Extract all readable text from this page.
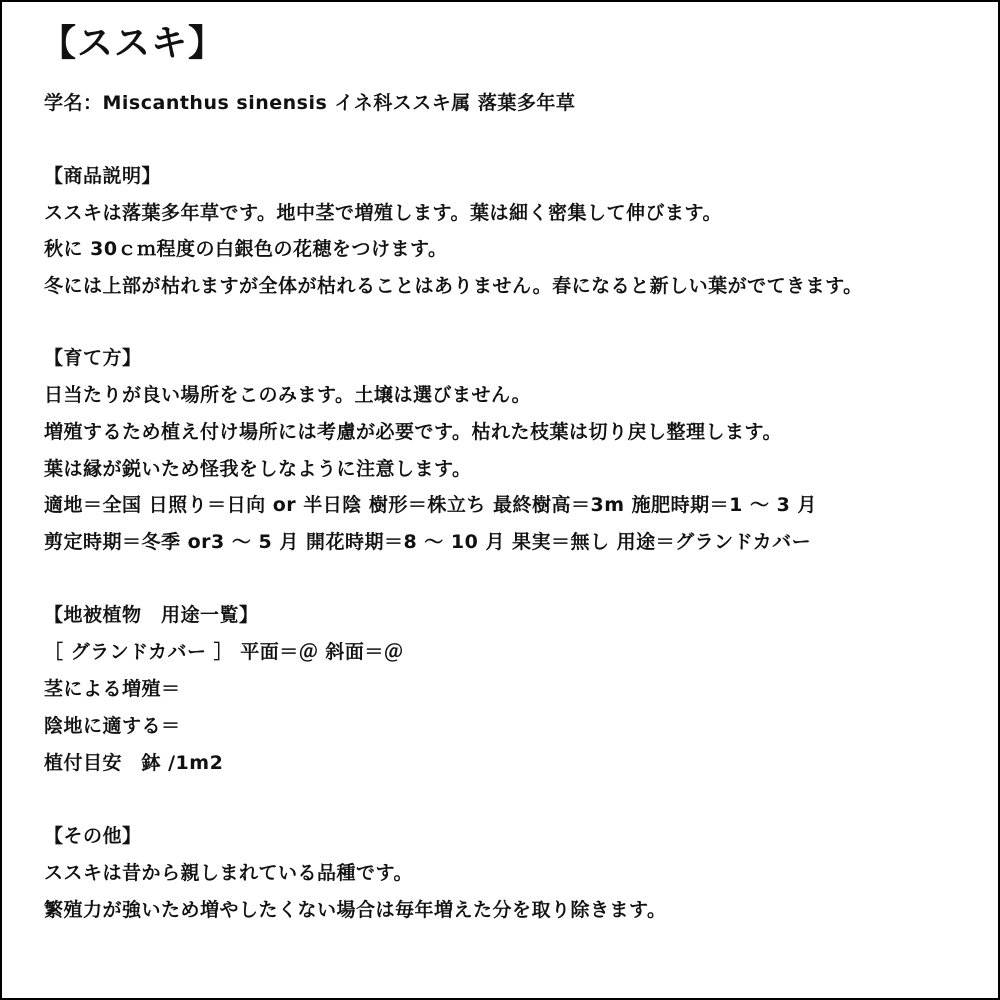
【ススキ】

学名：Miscanthus sinensis イネ科ススキ属 落葉多年草

【商品説明】

ススキは落葉多年草です。地中茎で増殖します。葉は細く密集して伸びます。

秋に 30ｃｍ程度の白銀色の花穂をつけます。

冬には上部が枯れますが全体が枯れることはありません。春になると新しい葉がでてきます。

【育て方】

日当たりが良い場所をこのみます。土壌は選びません。

増殖するため植え付け場所には考慮が必要です。枯れた枝葉は切り戻し整理します。

葉は縁が鋭いため怪我をしなように注意します。

適地＝全国 日照り＝日向 or 半日陰 樹形＝株立ち 最終樹高＝3m 施肥時期＝1 ～ 3 月

剪定時期＝冬季 or3 ～ 5 月 開花時期＝8 ～ 10 月 果実＝無し 用途＝グランドカバー

【地被植物　用途一覧】

［ グランドカバー ］ 平面＝＠ 斜面＝＠

茎による増殖＝

陰地に適する＝

植付目安　鉢 /1m2

【その他】

ススキは昔から親しまれている品種です。

繁殖力が強いため増やしたくない場合は毎年増えた分を取り除きます。
